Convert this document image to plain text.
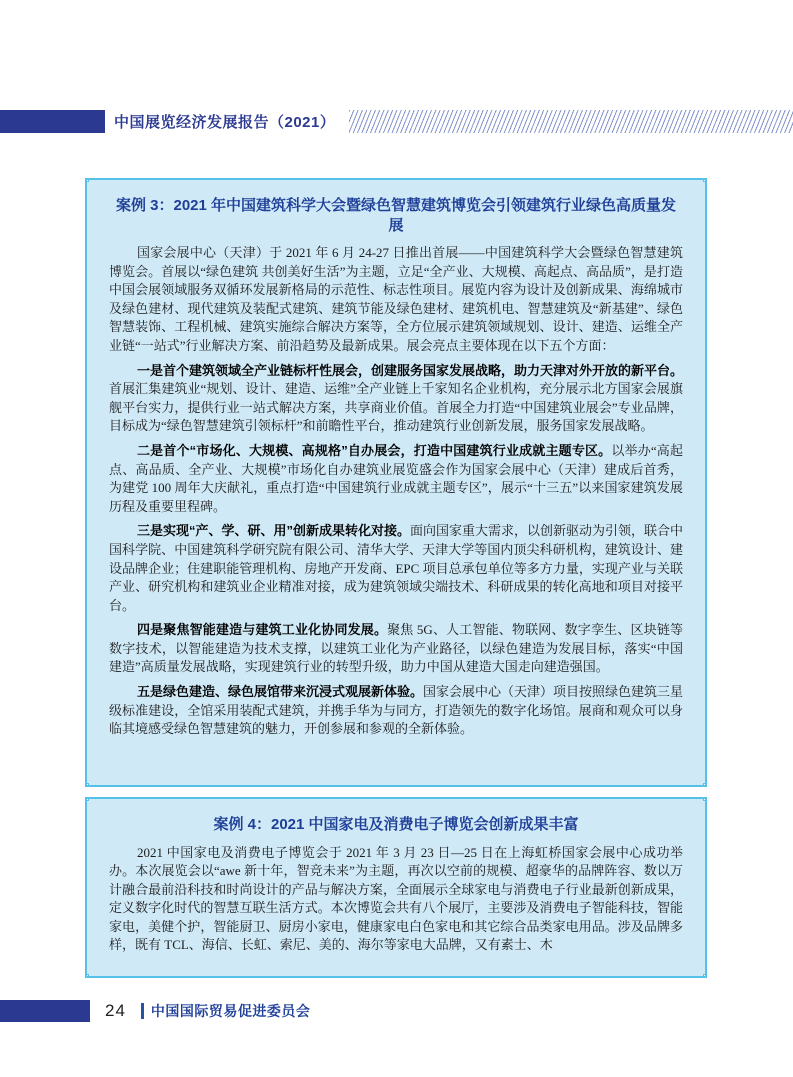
中国展览经济发展报告（2021）
案例 3：2021 年中国建筑科学大会暨绿色智慧建筑博览会引领建筑行业绿色高质量发展

国家会展中心（天津）于 2021 年 6 月 24-27 日推出首展——中国建筑科学大会暨绿色智慧建筑博览会。首展以“绿色建筑 共创美好生活”为主题，立足“全产业、大规模、高起点、高品质”，是打造中国会展领域服务双循环发展新格局的示范性、标志性项目。展览内容为设计及创新成果、海绵城市及绿色建材、现代建筑及装配式建筑、建筑节能及绿色建材、建筑机电、智慧建筑及“新基建”、绿色智慧装饰、工程机械、建筑实施综合解决方案等，全方位展示建筑领域规划、设计、建造、运维全产业链“一站式”行业解决方案、前沿趋势及最新成果。展会亮点主要体现在以下五个方面：

一是首个建筑领域全产业链标杆性展会，创建服务国家发展战略，助力天津对外开放的新平台。首展汇集建筑业“规划、设计、建造、运维”全产业链上千家知名企业机构，充分展示北方国家会展旗舰平台实力，提供行业一站式解决方案，共享商业价值。首展全力打造“中国建筑业展会”专业品牌，目标成为“绿色智慧建筑引领标杆”和前瞻性平台，推动建筑行业创新发展，服务国家发展战略。

二是首个“市场化、大规模、高规格”自办展会，打造中国建筑行业成就主题专区。以举办“高起点、高品质、全产业、大规模”市场化自办建筑业展览盛会作为国家会展中心（天津）建成后首秀，为建党 100 周年大庆献礼，重点打造“中国建筑行业成就主题专区”，展示“十三五”以来国家建筑发展历程及重要里程碑。

三是实现“产、学、研、用”创新成果转化对接。面向国家重大需求，以创新驱动为引领，联合中国科学院、中国建筑科学研究院有限公司、清华大学、天津大学等国内顶尖科研机构，建筑设计、建设品牌企业；住建职能管理机构、房地产开发商、EPC 项目总承包单位等多方力量，实现产业与关联产业、研究机构和建筑业企业精准对接，成为建筑领域尖端技术、科研成果的转化高地和项目对接平台。

四是聚焦智能建造与建筑工业化协同发展。聚焦 5G、人工智能、物联网、数字孪生、区块链等数字技术，以智能建造为技术支撑，以建筑工业化为产业路径，以绿色建造为发展目标，落实“中国建造”高质量发展战略，实现建筑行业的转型升级，助力中国从建造大国走向建造强国。

五是绿色建造、绿色展馆带来沉浸式观展新体验。国家会展中心（天津）项目按照绿色建筑三星级标准建设，全馆采用装配式建筑，并携手华为与同方，打造领先的数字化场馆。展商和观众可以身临其境感受绿色智慧建筑的魅力，开创参展和参观的全新体验。

案例 4：2021 中国家电及消费电子博览会创新成果丰富

2021 中国家电及消费电子博览会于 2021 年 3 月 23 日—25 日在上海虹桥国家会展中心成功举办。本次展览会以“awe 新十年，智竞未来”为主题，再次以空前的规模、超豪华的品牌阵容、数以万计融合最前沿科技和时尚设计的产品与解决方案，全面展示全球家电与消费电子行业最新创新成果，定义数字化时代的智慧互联生活方式。本次博览会共有八个展厅，主要涉及消费电子智能科技，智能家电，美健个护，智能厨卫、厨房小家电，健康家电白色家电和其它综合品类家电用品。涉及品牌多样，既有 TCL、海信、长虹、索尼、美的、海尔等家电大品牌，又有素士、木

24 中国国际贸易促进委员会
